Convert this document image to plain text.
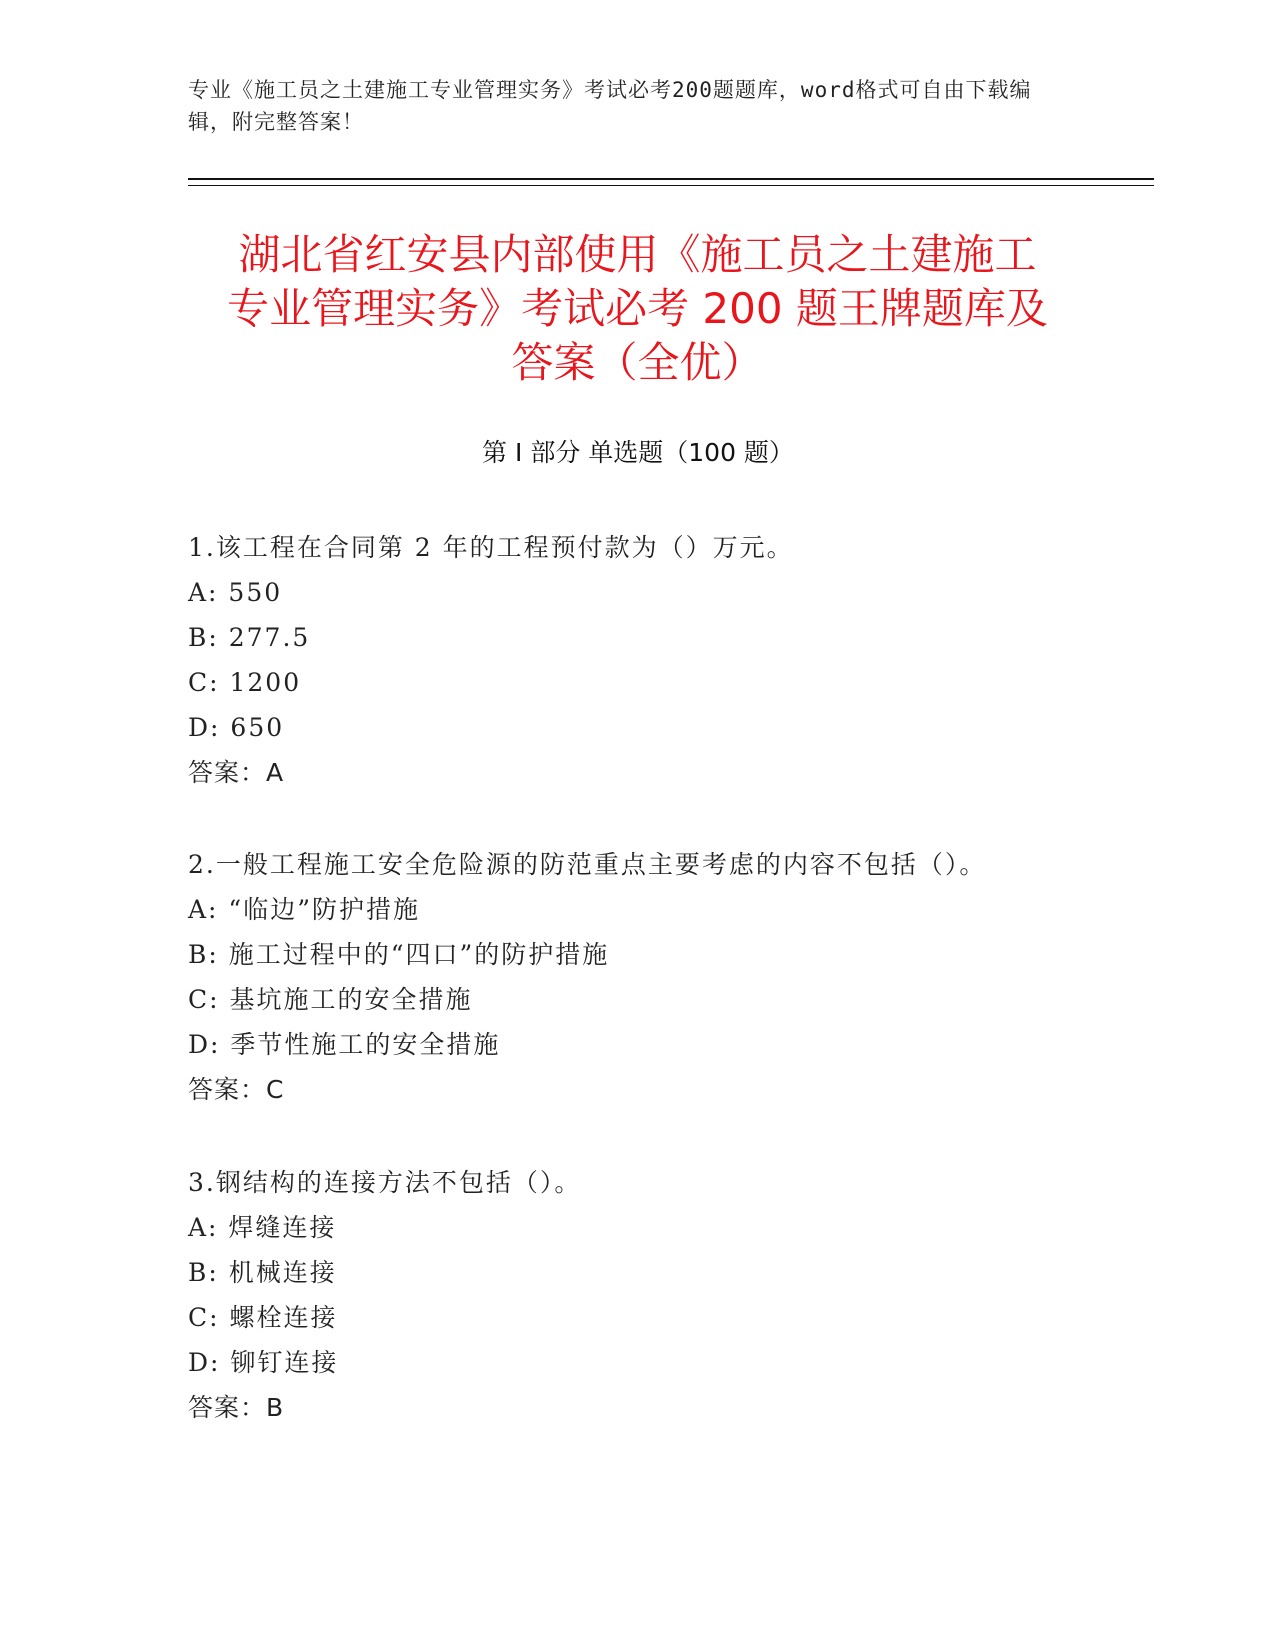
专业《施工员之土建施工专业管理实务》考试必考200题题库，word格式可自由下载编辑，附完整答案！
湖北省红安县内部使用《施工员之土建施工
专业管理实务》考试必考 200 题王牌题库及
答案（全优）
第 I 部分 单选题（100 题）
1.该工程在合同第 2 年的工程预付款为（）万元。
A: 550
B: 277.5
C: 1200
D: 650
答案：A
2.一般工程施工安全危险源的防范重点主要考虑的内容不包括（）。
A: “临边”防护措施
B: 施工过程中的“四口”的防护措施
C: 基坑施工的安全措施
D: 季节性施工的安全措施
答案：C
3.钢结构的连接方法不包括（）。
A: 焊缝连接
B: 机械连接
C: 螺栓连接
D: 铆钉连接
答案：B
